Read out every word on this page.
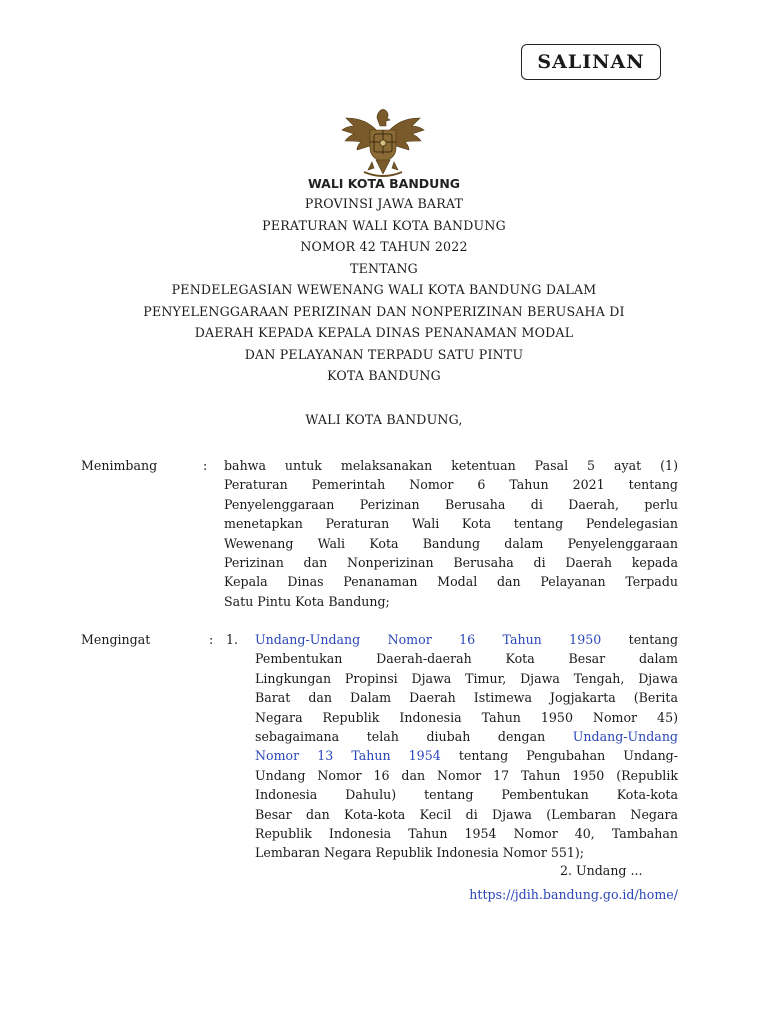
SALINAN
WALI KOTA BANDUNG
PROVINSI JAWA BARAT
PERATURAN WALI KOTA BANDUNG
NOMOR 42 TAHUN 2022
TENTANG
PENDELEGASIAN WEWENANG WALI KOTA BANDUNG DALAM
PENYELENGGARAAN PERIZINAN DAN NONPERIZINAN BERUSAHA DI
DAERAH KEPADA KEPALA DINAS PENANAMAN MODAL
DAN PELAYANAN TERPADU SATU PINTU
KOTA BANDUNG
WALI KOTA BANDUNG,
Menimbang	: bahwa untuk melaksanakan ketentuan Pasal 5 ayat (1)
Peraturan Pemerintah Nomor 6 Tahun 2021 tentang
Penyelenggaraan Perizinan Berusaha di Daerah, perlu
menetapkan Peraturan Wali Kota tentang Pendelegasian
Wewenang Wali Kota Bandung dalam Penyelenggaraan
Perizinan dan Nonperizinan Berusaha di Daerah kepada
Kepala Dinas Penanaman Modal dan Pelayanan Terpadu
Satu Pintu Kota Bandung;
Mengingat	: 1. Undang-Undang Nomor 16 Tahun 1950 tentang
Pembentukan Daerah-daerah Kota Besar dalam
Lingkungan Propinsi Djawa Timur, Djawa Tengah, Djawa
Barat dan Dalam Daerah Istimewa Jogjakarta (Berita
Negara Republik Indonesia Tahun 1950 Nomor 45)
sebagaimana telah diubah dengan Undang-Undang
Nomor 13 Tahun 1954 tentang Pengubahan Undang-
Undang Nomor 16 dan Nomor 17 Tahun 1950 (Republik
Indonesia Dahulu) tentang Pembentukan Kota-kota
Besar dan Kota-kota Kecil di Djawa (Lembaran Negara
Republik Indonesia Tahun 1954 Nomor 40, Tambahan
Lembaran Negara Republik Indonesia Nomor 551);
2. Undang ...
https://jdih.bandung.go.id/home/
